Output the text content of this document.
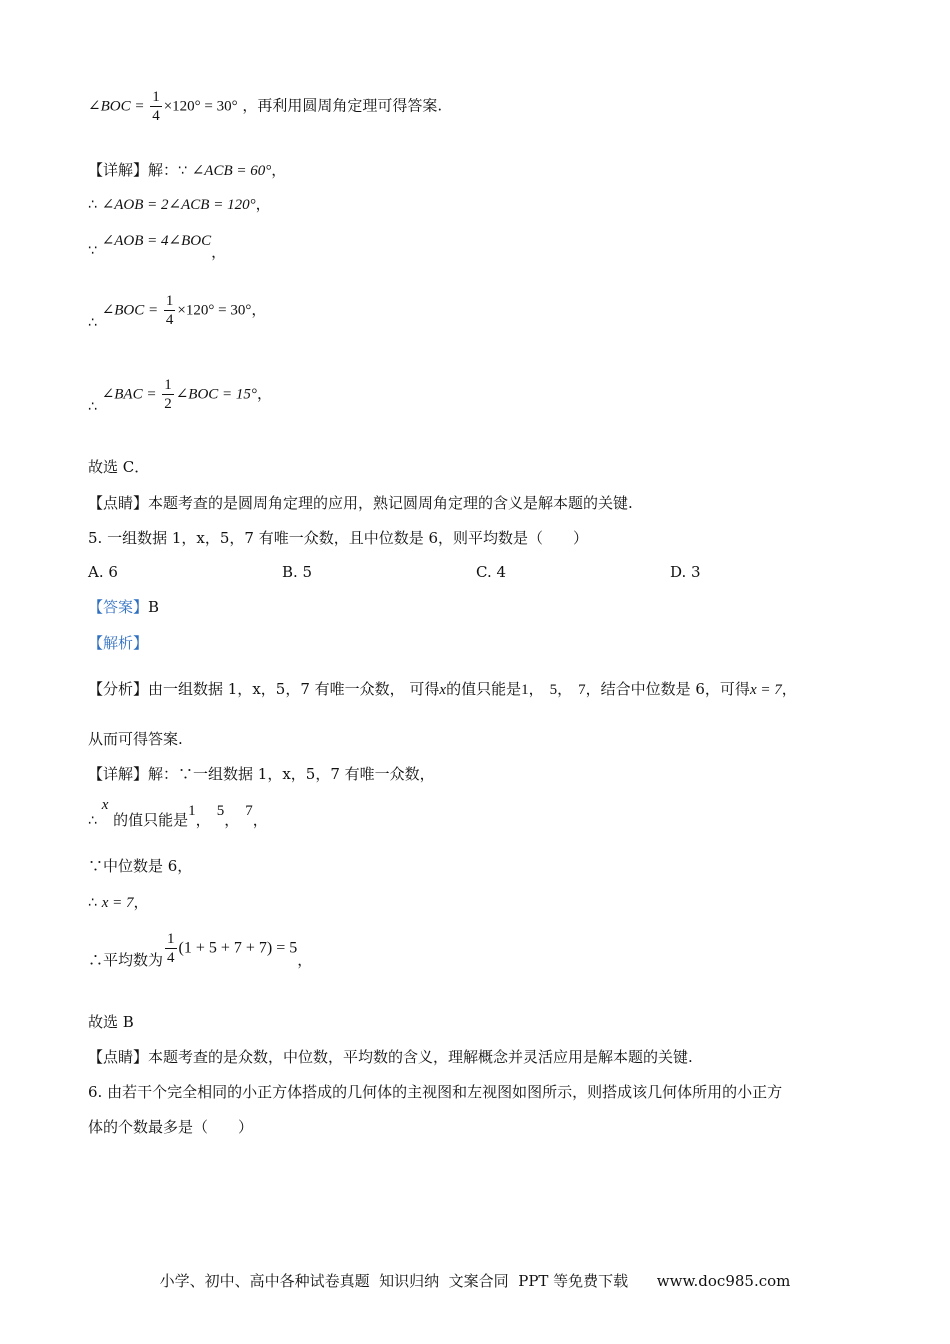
∠BOC = $\frac{1}{4} \times 120^\circ = 30^\circ$ ，再利用圆周角定理可得答案.
【详解】解：∵ ∠ACB = 60°，
∴ ∠AOB = 2∠ACB = 120°，
∵ ∠AOB = 4∠BOC，
∴ ∠BOC = $\frac{1}{4} \times 120^\circ = 30^\circ$，
∴ ∠BAC = $\frac{1}{2}$ ∠BOC = 15°，
故选 C．
【点睛】本题考查的是圆周角定理的应用，熟记圆周角定理的含义是解本题的关键.
5. 一组数据 1，x，5，7 有唯一众数，且中位数是 6，则平均数是（　　）
A. 6	B. 5	C. 4	D. 3
【答案】B
【解析】
【分析】由一组数据 1，x，5，7 有唯一众数， 可得x的值只能是1， 5， 7，结合中位数是 6，可得x = 7，
从而可得答案.
【详解】解：∵一组数据 1，x，5，7 有唯一众数，
∴ x 的值只能是1， 5， 7，
∵中位数是 6，
∴ x = 7，
∴平均数为 $\frac{1}{4} (1 + 5 + 7 + 7) = 5$，
故选 B
【点睛】本题考查的是众数，中位数，平均数的含义，理解概念并灵活应用是解本题的关键.
6. 由若干个完全相同的小正方体搭成的几何体的主视图和左视图如图所示，则搭成该几何体所用的小正方
体的个数最多是（　　）
小学、初中、高中各种试卷真题  知识归纳  文案合同  PPT 等免费下载      www.doc985.com
